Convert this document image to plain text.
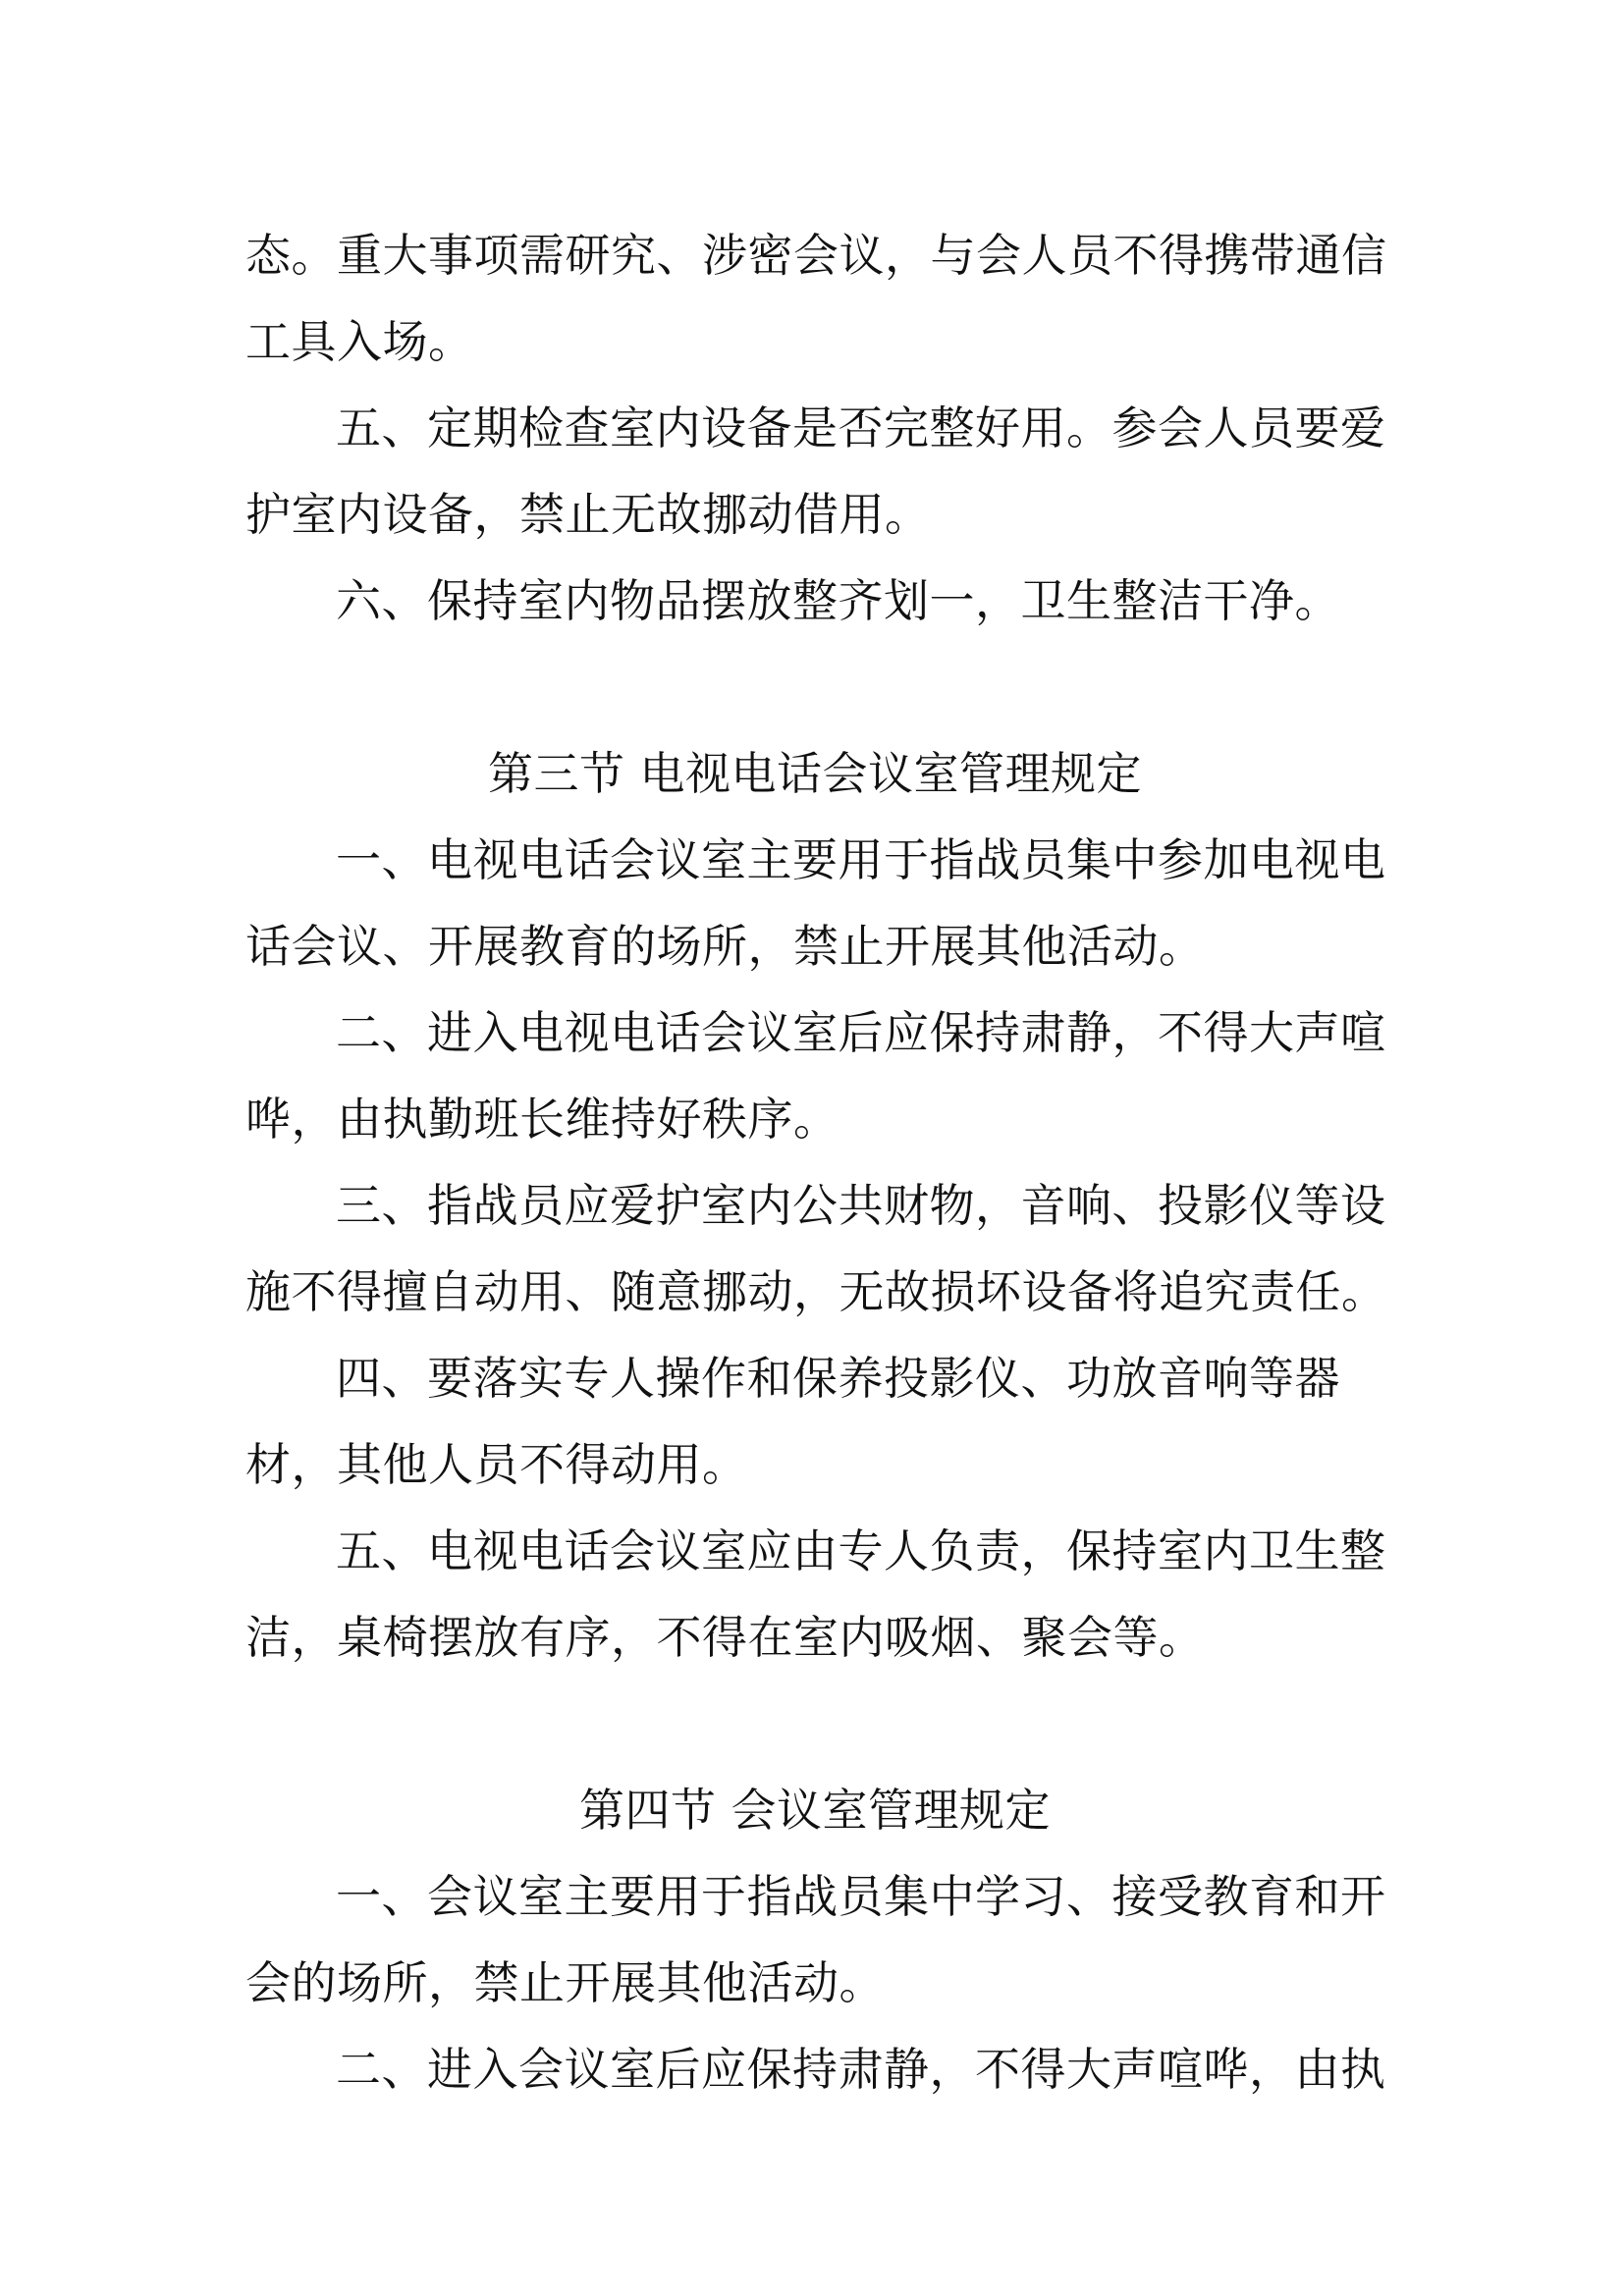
态。重大事项需研究、涉密会议，与会人员不得携带通信
工具入场。
五、定期检查室内设备是否完整好用。参会人员要爱
护室内设备，禁止无故挪动借用。
六、保持室内物品摆放整齐划一，卫生整洁干净。
第三节 电视电话会议室管理规定
一、电视电话会议室主要用于指战员集中参加电视电
话会议、开展教育的场所，禁止开展其他活动。
二、进入电视电话会议室后应保持肃静，不得大声喧
哗，由执勤班长维持好秩序。
三、指战员应爱护室内公共财物，音响、投影仪等设
施不得擅自动用、随意挪动，无故损坏设备将追究责任。
四、要落实专人操作和保养投影仪、功放音响等器
材，其他人员不得动用。
五、电视电话会议室应由专人负责，保持室内卫生整
洁，桌椅摆放有序，不得在室内吸烟、聚会等。
第四节 会议室管理规定
一、会议室主要用于指战员集中学习、接受教育和开
会的场所，禁止开展其他活动。
二、进入会议室后应保持肃静，不得大声喧哗，由执
